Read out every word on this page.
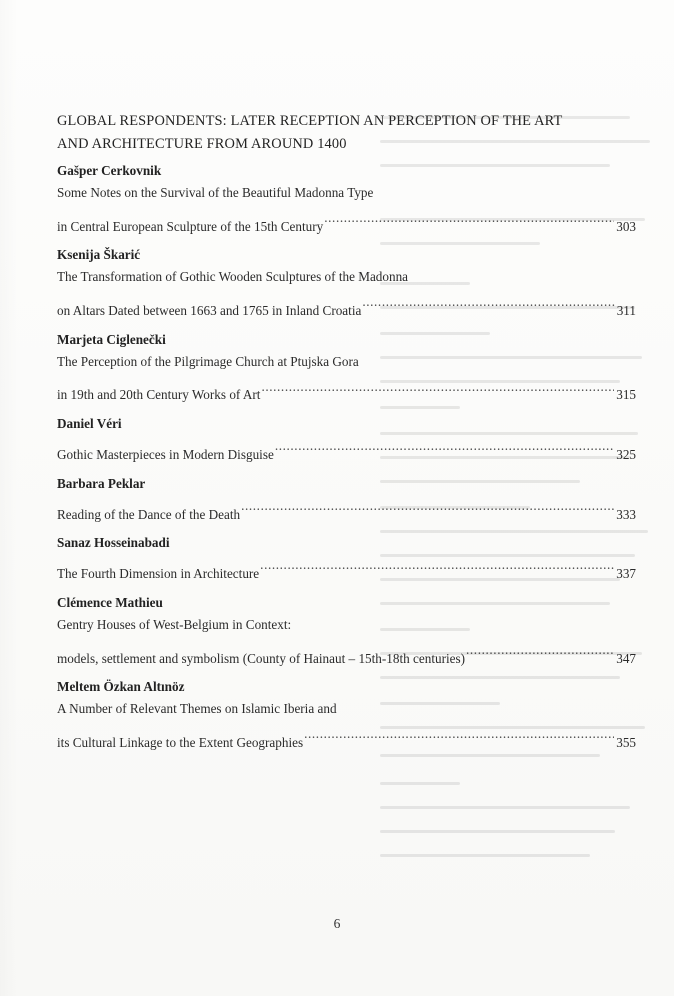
GLOBAL RESPONDENTS: LATER RECEPTION AN PERCEPTION OF THE ART
AND ARCHITECTURE FROM AROUND 1400
Gašper Cerkovnik
Some Notes on the Survival of the Beautiful Madonna Type
in Central European Sculpture of the 15th Century .....	303
Ksenija Škarić
The Transformation of Gothic Wooden Sculptures of the Madonna
on Altars Dated between 1663 and 1765 in Inland Croatia .....	311
Marjeta Ciglenečki
The Perception of the Pilgrimage Church at Ptujska Gora
in 19th and 20th Century Works of Art .....	315
Daniel Véri
Gothic Masterpieces in Modern Disguise .....	325
Barbara Peklar
Reading of the Dance of the Death .....	333
Sanaz Hosseinabadi
The Fourth Dimension in Architecture .....	337
Clémence Mathieu
Gentry Houses of West-Belgium in Context:
models, settlement and symbolism (County of Hainaut – 15th-18th centuries) .....	347
Meltem Özkan Altınöz
A Number of Relevant Themes on Islamic Iberia and
its Cultural Linkage to the Extent Geographies .....	355
6
